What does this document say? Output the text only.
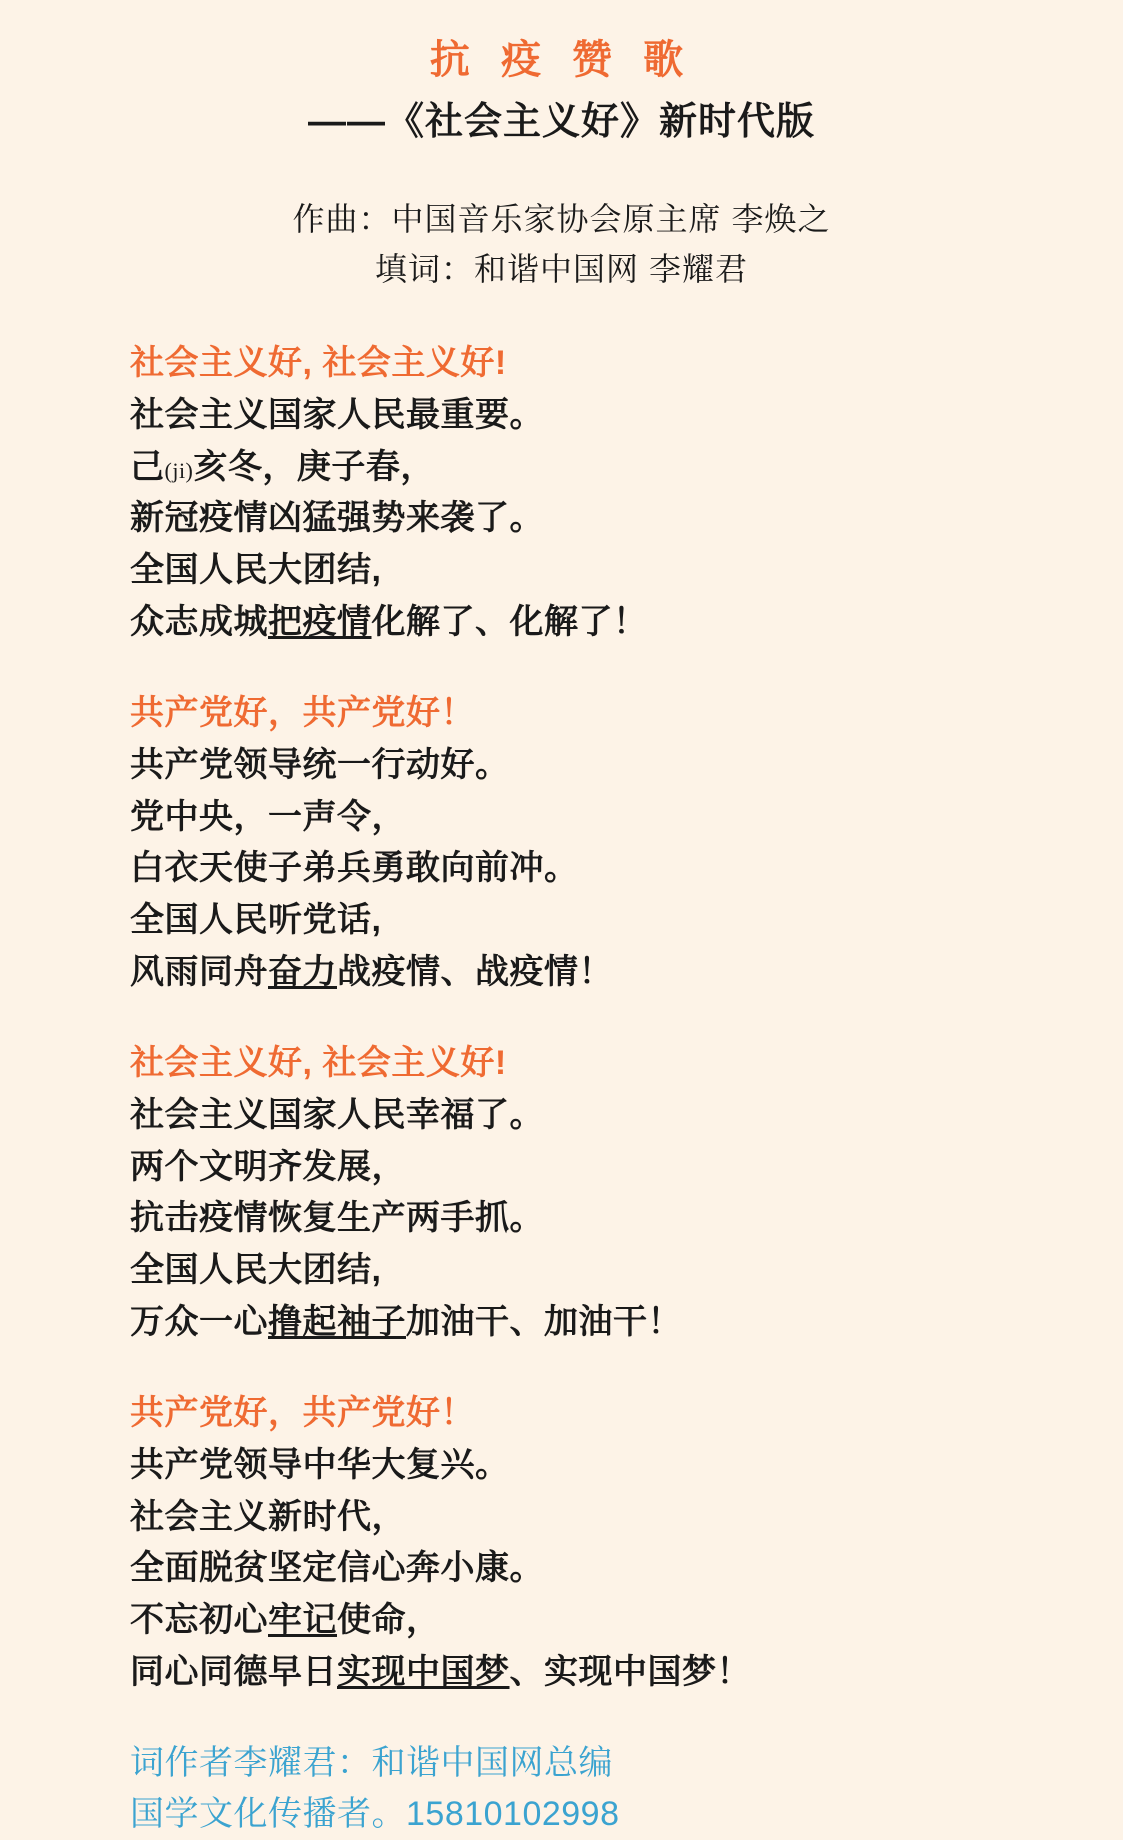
抗 疫 赞 歌
——《社会主义好》新时代版
作曲：中国音乐家协会原主席 李焕之
填词：和谐中国网 李耀君
社会主义好, 社会主义好!
社会主义国家人民最重要。
己(ji)亥冬，庚子春，
新冠疫情凶猛强势来袭了。
全国人民大团结,
众志成城把疫情化解了、化解了！
共产党好，共产党好！
共产党领导统一行动好。
党中央，一声令，
白衣天使子弟兵勇敢向前冲。
全国人民听党话,
风雨同舟奋力战疫情、战疫情！
社会主义好, 社会主义好!
社会主义国家人民幸福了。
两个文明齐发展，
抗击疫情恢复生产两手抓。
全国人民大团结,
万众一心撸起袖子加油干、加油干！
共产党好，共产党好！
共产党领导中华大复兴。
社会主义新时代，
全面脱贫坚定信心奔小康。
不忘初心牢记使命，
同心同德早日实现中国梦、实现中国梦！
词作者李耀君：和谐中国网总编
国学文化传播者。15810102998
